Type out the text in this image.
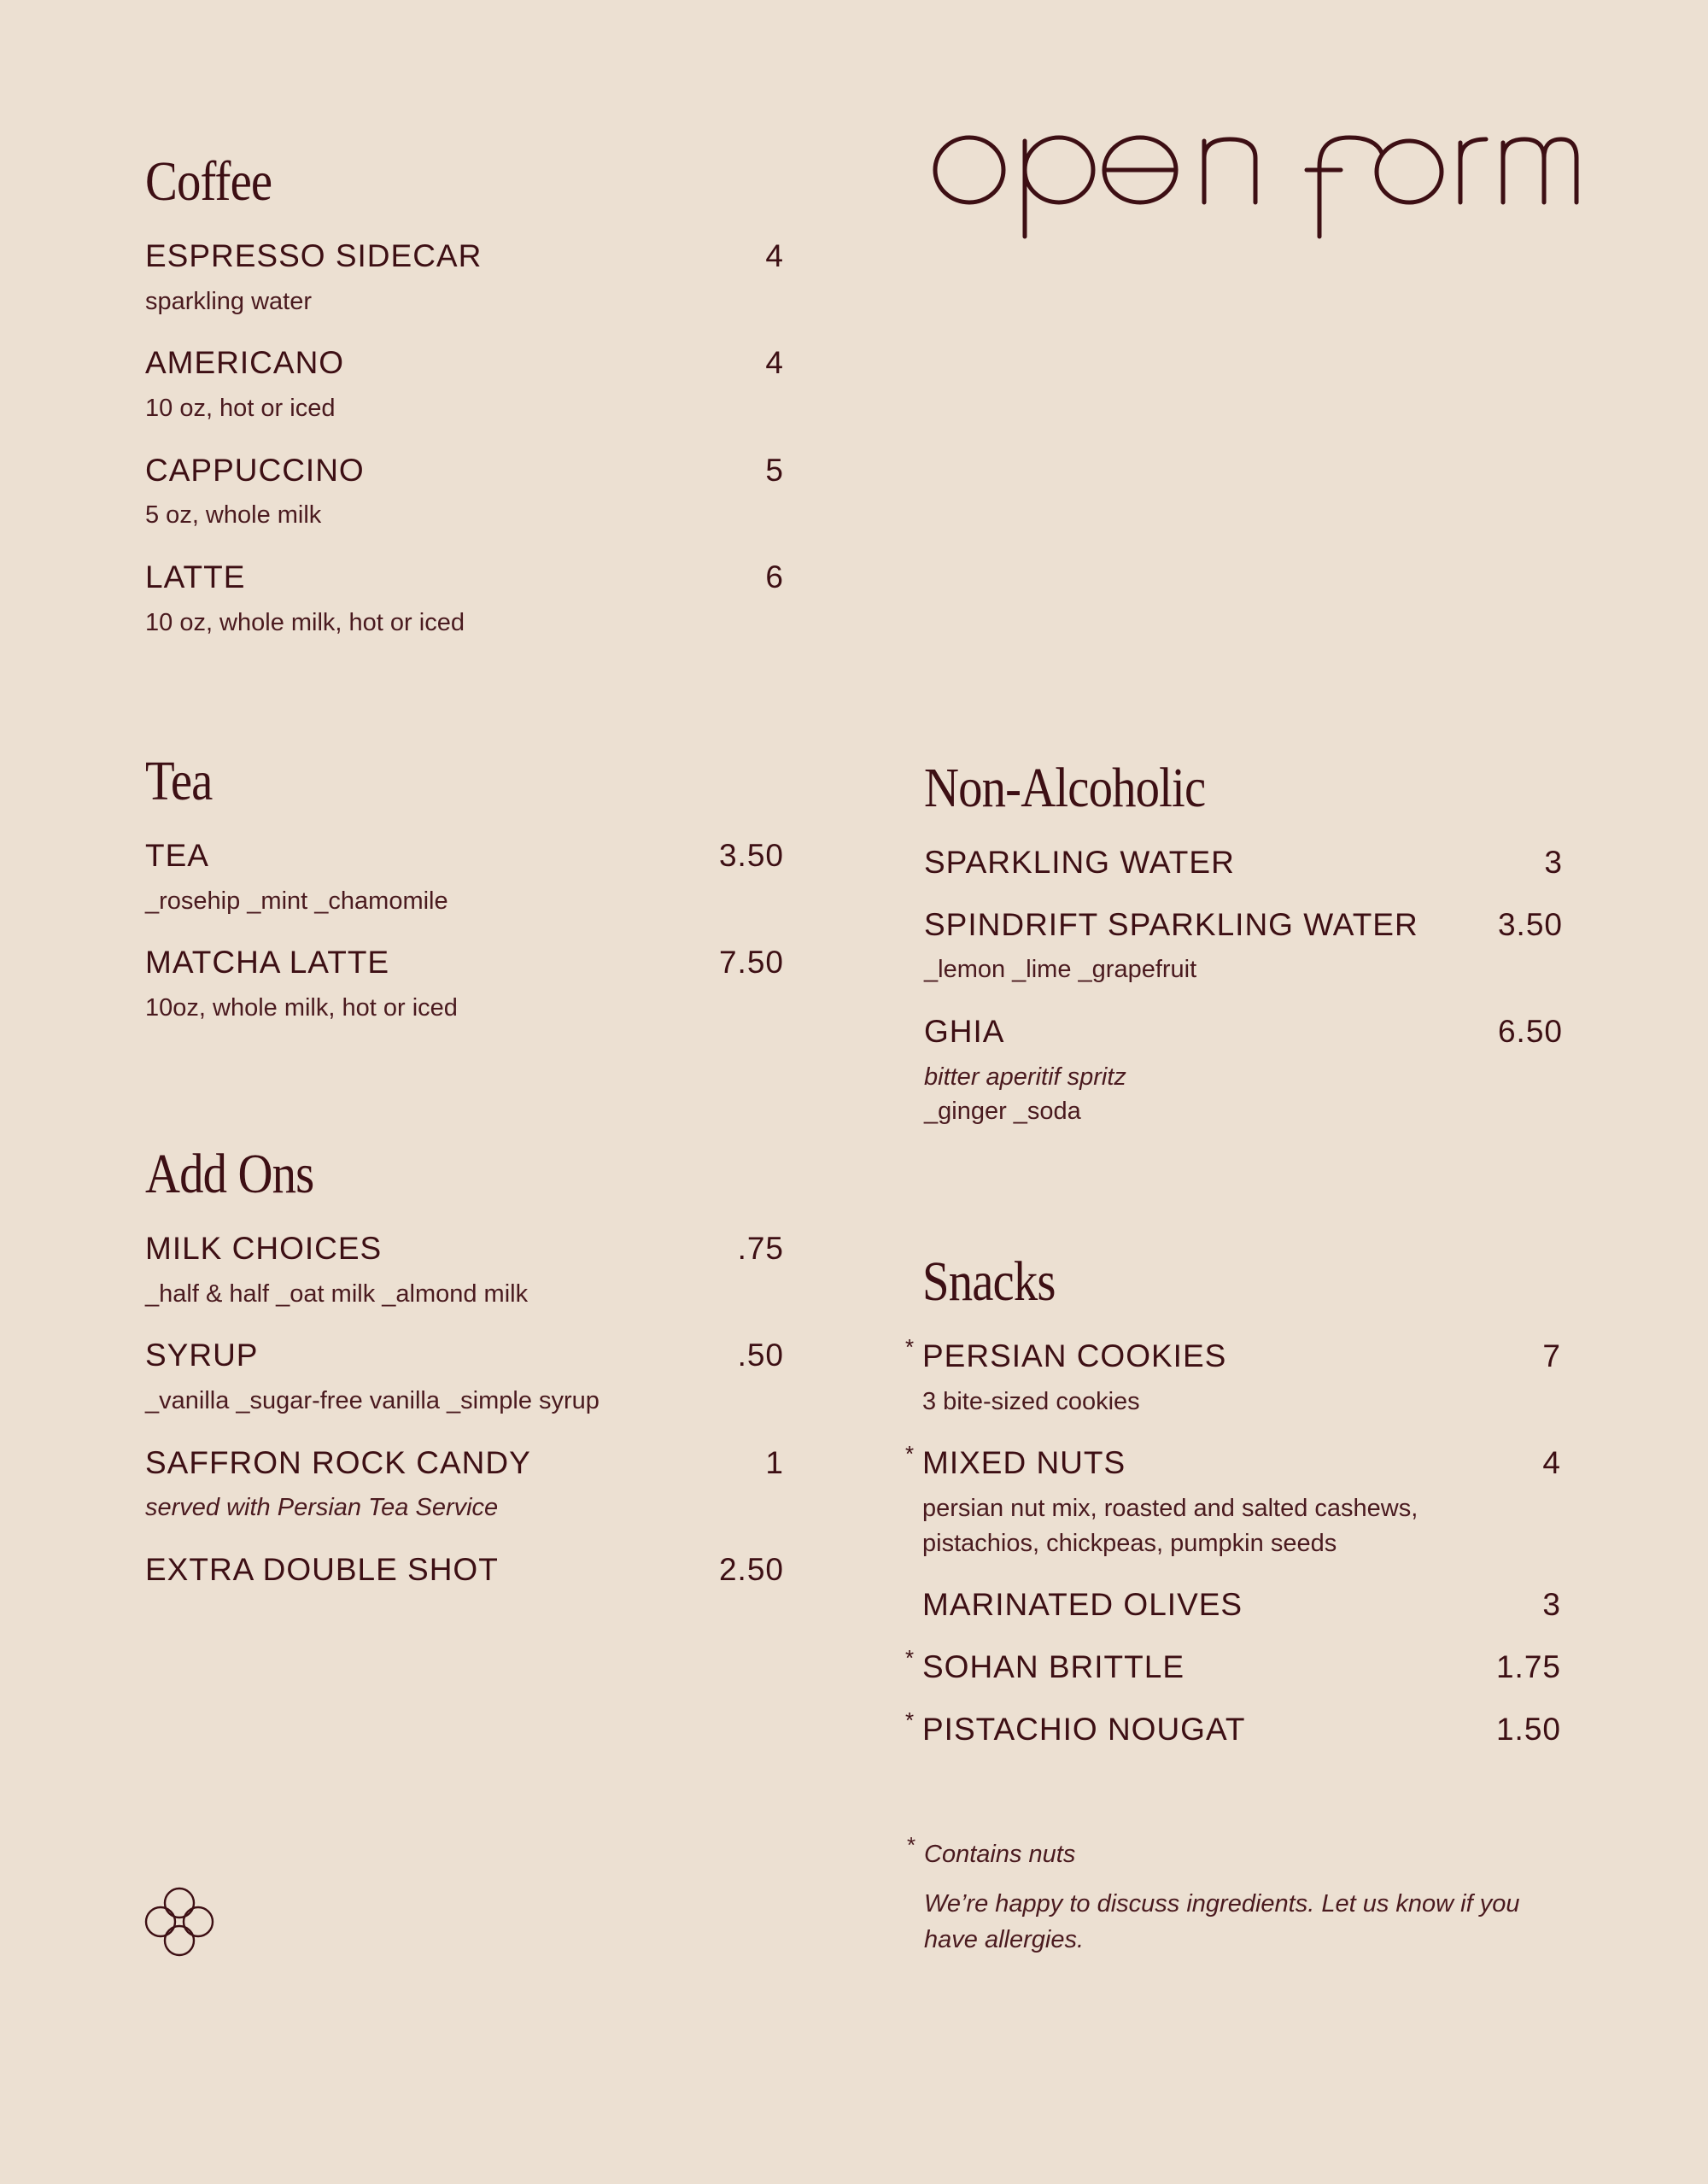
Coffee
ESPRESSO SIDECAR	4
sparkling water
AMERICANO	4
10 oz, hot or iced
CAPPUCCINO	5
5 oz, whole milk
LATTE	6
10 oz, whole milk, hot or iced
Tea
TEA	3.50
_rosehip _mint _chamomile
MATCHA LATTE	7.50
10oz, whole milk, hot or iced
Add Ons
MILK CHOICES	.75
_half & half _oat milk _almond milk
SYRUP	.50
_vanilla _sugar-free vanilla _simple syrup
SAFFRON ROCK CANDY	1
served with Persian Tea Service
EXTRA DOUBLE SHOT	2.50
Non-Alcoholic
SPARKLING WATER	3
SPINDRIFT SPARKLING WATER	3.50
_lemon _lime _grapefruit
GHIA	6.50
bitter aperitif spritz
_ginger _soda
Snacks
* PERSIAN COOKIES	7
3 bite-sized cookies
* MIXED NUTS	4
persian nut mix, roasted and salted cashews,
pistachios, chickpeas, pumpkin seeds
MARINATED OLIVES	3
* SOHAN BRITTLE	1.75
* PISTACHIO NOUGAT	1.50
* Contains nuts
We’re happy to discuss ingredients. Let us know if you
have allergies.
